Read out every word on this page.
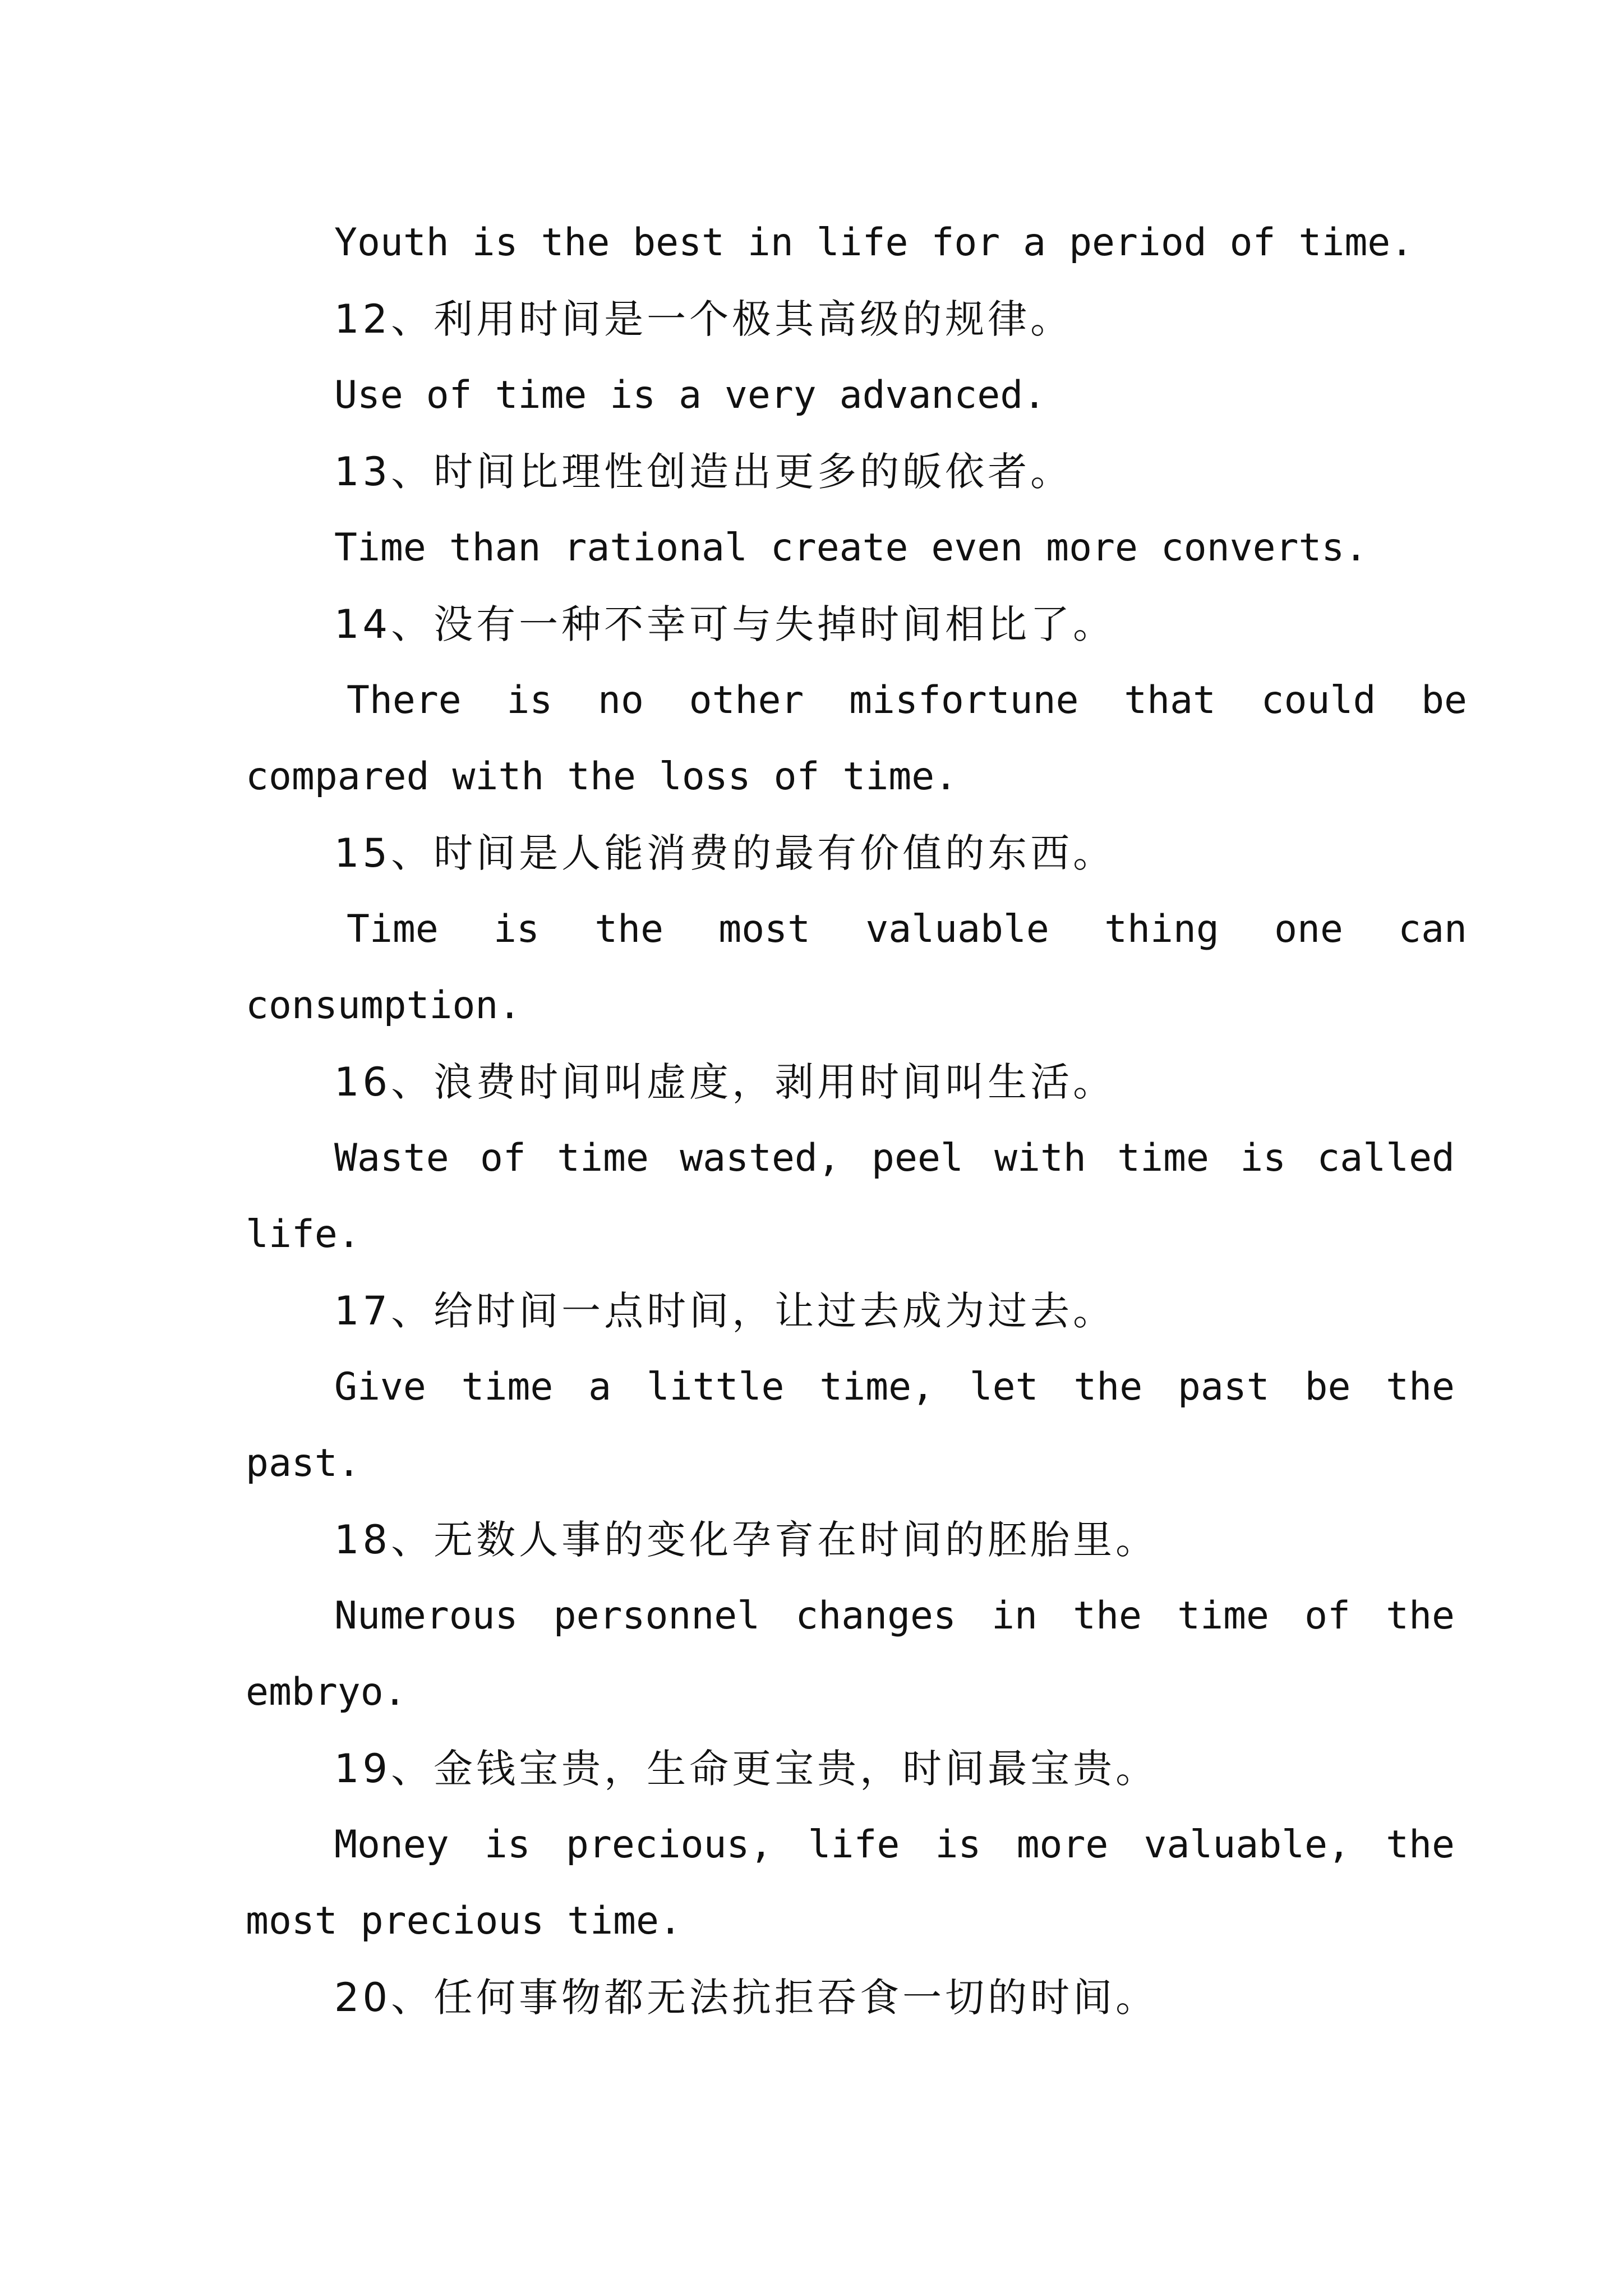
Youth is the best in life for a period of time.
12、利用时间是一个极其高级的规律。
Use of time is a very advanced.
13、时间比理性创造出更多的皈依者。
Time than rational create even more converts.
14、没有一种不幸可与失掉时间相比了。
There is no other misfortune that could be
compared with the loss of time.
15、时间是人能消费的最有价值的东西。
Time is the most valuable thing one can
consumption.
16、浪费时间叫虚度，剥用时间叫生活。
Waste of time wasted, peel with time is called
life.
17、给时间一点时间，让过去成为过去。
Give time a little time, let the past be the
past.
18、无数人事的变化孕育在时间的胚胎里。
Numerous personnel changes in the time of the
embryo.
19、金钱宝贵，生命更宝贵，时间最宝贵。
Money is precious, life is more valuable, the
most precious time.
20、任何事物都无法抗拒吞食一切的时间。
